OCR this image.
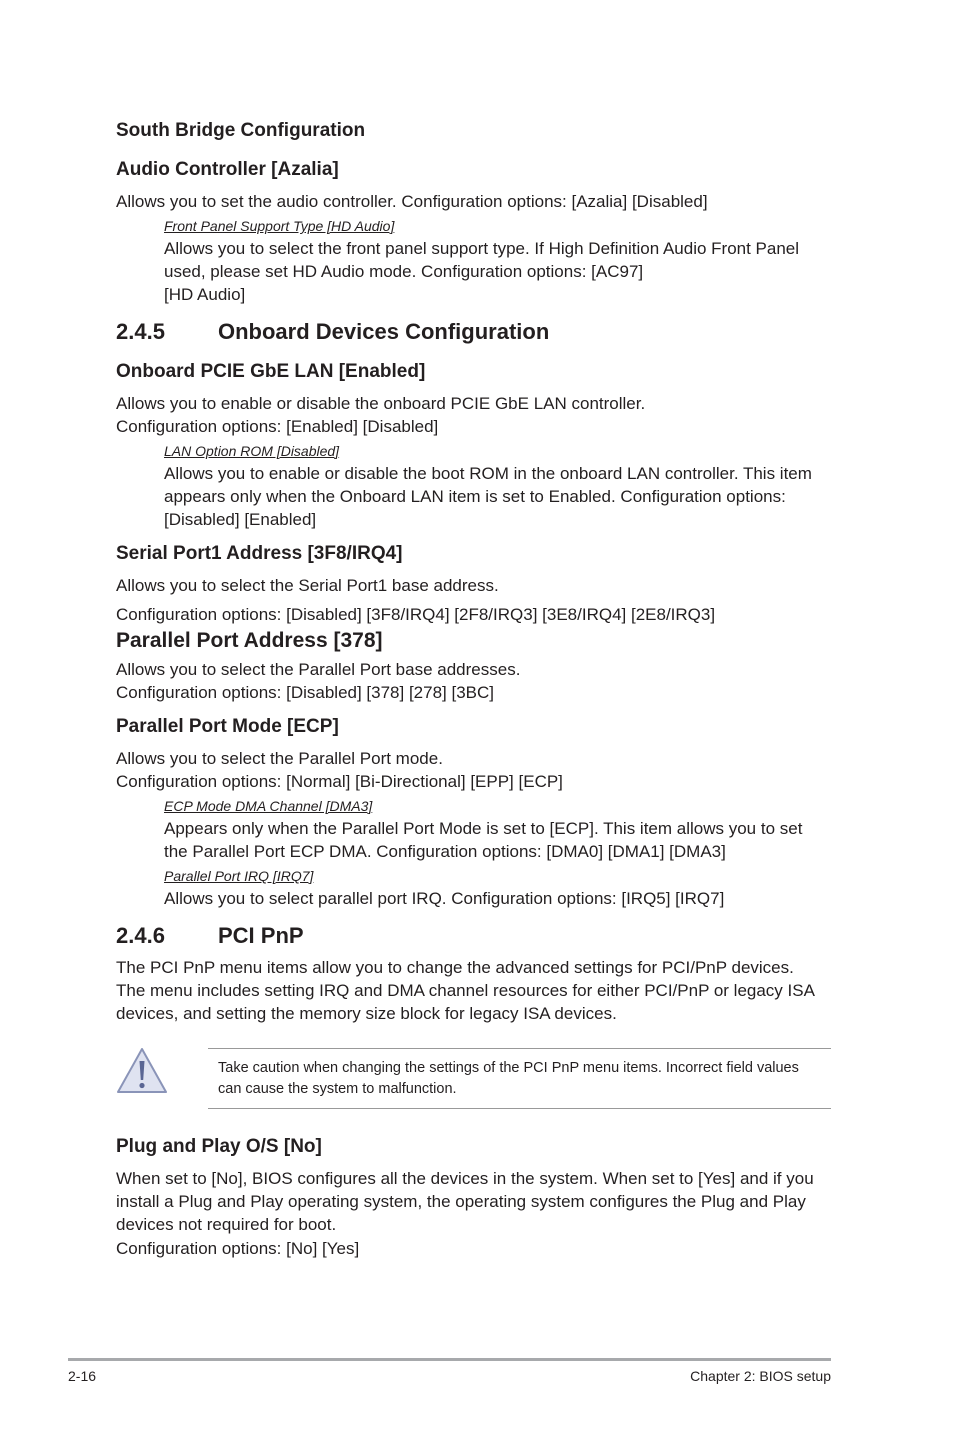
South Bridge Configuration
Audio Controller [Azalia]
Allows you to set the audio controller. Configuration options: [Azalia] [Disabled]
Front Panel Support Type [HD Audio]
Allows you to select the front panel support type. If High Definition Audio Front Panel
used, please set HD Audio mode. Configuration options: [AC97]
[HD Audio]
2.4.5 Onboard Devices Configuration
Onboard PCIE GbE LAN [Enabled]
Allows you to enable or disable the onboard PCIE GbE LAN controller.
Configuration options: [Enabled] [Disabled]
LAN Option ROM [Disabled]
Allows you to enable or disable the boot ROM in the onboard LAN controller. This item
appears only when the Onboard LAN item is set to Enabled. Configuration options:
[Disabled] [Enabled]
Serial Port1 Address [3F8/IRQ4]
Allows you to select the Serial Port1 base address.
Configuration options: [Disabled] [3F8/IRQ4] [2F8/IRQ3] [3E8/IRQ4] [2E8/IRQ3]
Parallel Port Address [378]
Allows you to select the Parallel Port base addresses.
Configuration options: [Disabled] [378] [278] [3BC]
Parallel Port Mode [ECP]
Allows you to select the Parallel Port mode.
Configuration options: [Normal] [Bi-Directional] [EPP] [ECP]
ECP Mode DMA Channel [DMA3]
Appears only when the Parallel Port Mode is set to [ECP]. This item allows you to set
the Parallel Port ECP DMA. Configuration options: [DMA0] [DMA1] [DMA3]
Parallel Port IRQ [IRQ7]
Allows you to select parallel port IRQ. Configuration options: [IRQ5] [IRQ7]
2.4.6 PCI PnP
The PCI PnP menu items allow you to change the advanced settings for PCI/PnP devices.
The menu includes setting IRQ and DMA channel resources for either PCI/PnP or legacy ISA
devices, and setting the memory size block for legacy ISA devices.
Take caution when changing the settings of the PCI PnP menu items. Incorrect field values
can cause the system to malfunction.
Plug and Play O/S [No]
When set to [No], BIOS configures all the devices in the system. When set to [Yes] and if you
install a Plug and Play operating system, the operating system configures the Plug and Play
devices not required for boot.
Configuration options: [No] [Yes]
2-16	Chapter 2: BIOS setup
